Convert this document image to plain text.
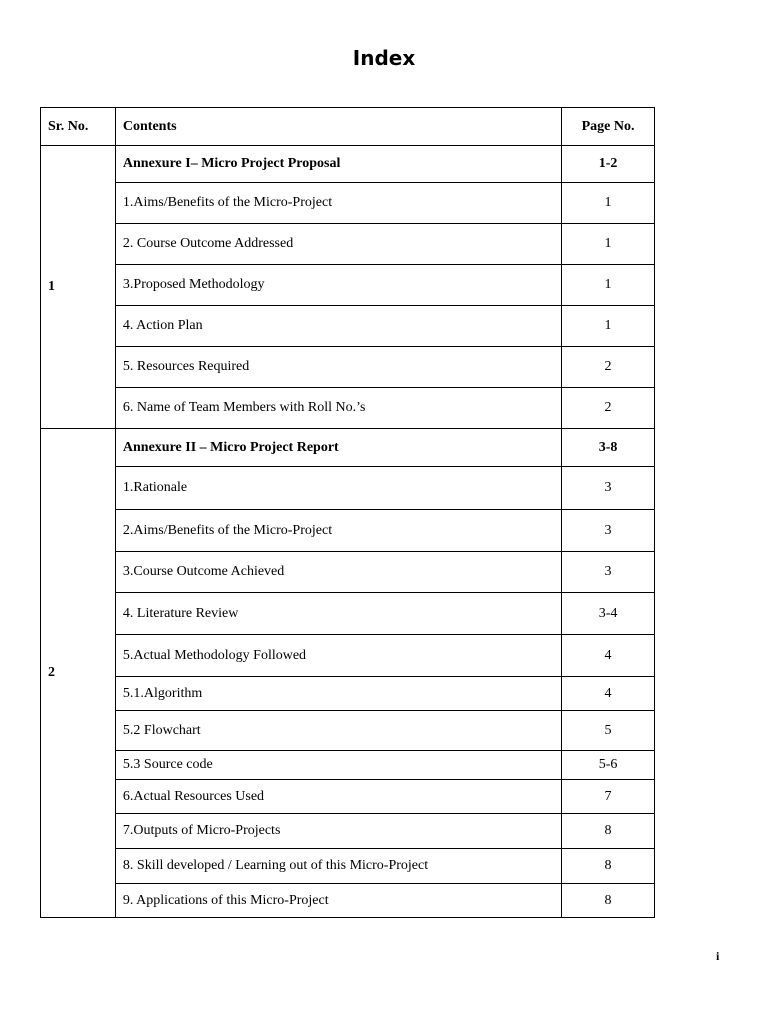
Index
Sr. No.	Contents	Page No.
1	Annexure I– Micro Project Proposal	1-2
	1.Aims/Benefits of the Micro-Project	1
	2. Course Outcome Addressed	1
	3.Proposed Methodology	1
	4. Action Plan	1
	5. Resources Required	2
	6. Name of Team Members with Roll No.’s	2
2	Annexure II – Micro Project Report	3-8
	1.Rationale	3
	2.Aims/Benefits of the Micro-Project	3
	3.Course Outcome Achieved	3
	4. Literature Review	3-4
	5.Actual Methodology Followed	4
	5.1.Algorithm	4
	5.2 Flowchart	5
	5.3 Source code	5-6
	6.Actual Resources Used	7
	7.Outputs of Micro-Projects	8
	8. Skill developed / Learning out of this Micro-Project	8
	9. Applications of this Micro-Project	8
i
